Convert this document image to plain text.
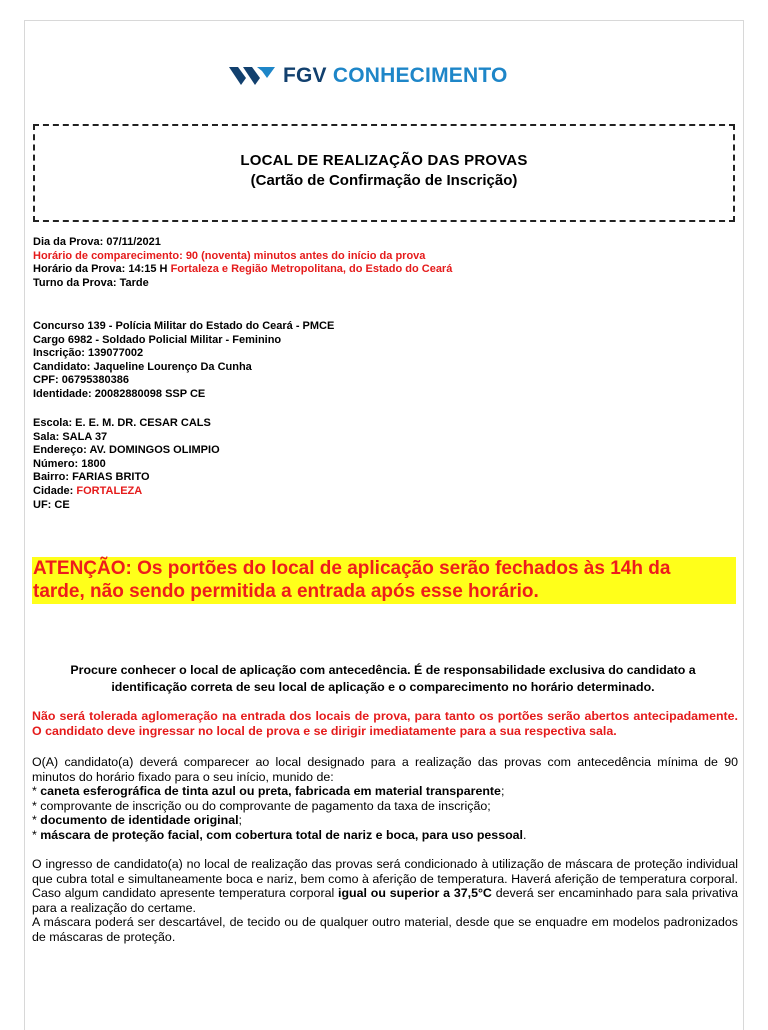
FGV CONHECIMENTO
LOCAL DE REALIZAÇÃO DAS PROVAS
(Cartão de Confirmação de Inscrição)
Dia da Prova: 07/11/2021
Horário de comparecimento: 90 (noventa) minutos antes do início da prova
Horário da Prova: 14:15 H Fortaleza e Região Metropolitana, do Estado do Ceará
Turno da Prova: Tarde
Concurso 139 - Polícia Militar do Estado do Ceará - PMCE
Cargo 6982 - Soldado Policial Militar - Feminino
Inscrição: 139077002
Candidato: Jaqueline Lourenço Da Cunha
CPF: 06795380386
Identidade: 20082880098 SSP CE
Escola: E. E. M. DR. CESAR CALS
Sala: SALA 37
Endereço: AV. DOMINGOS OLIMPIO
Número: 1800
Bairro: FARIAS BRITO
Cidade: FORTALEZA
UF: CE
ATENÇÃO: Os portões do local de aplicação serão fechados às 14h da
tarde, não sendo permitida a entrada após esse horário.
Procure conhecer o local de aplicação com antecedência. É de responsabilidade exclusiva do candidato a
identificação correta de seu local de aplicação e o comparecimento no horário determinado.
Não será tolerada aglomeração na entrada dos locais de prova, para tanto os portões serão abertos antecipadamente. O candidato deve ingressar no local de prova e se dirigir imediatamente para a sua respectiva sala.
O(A) candidato(a) deverá comparecer ao local designado para a realização das provas com antecedência mínima de 90 minutos do horário fixado para o seu início, munido de:
* caneta esferográfica de tinta azul ou preta, fabricada em material transparente;
* comprovante de inscrição ou do comprovante de pagamento da taxa de inscrição;
* documento de identidade original;
* máscara de proteção facial, com cobertura total de nariz e boca, para uso pessoal.
O ingresso de candidato(a) no local de realização das provas será condicionado à utilização de máscara de proteção individual que cubra total e simultaneamente boca e nariz, bem como à aferição de temperatura. Haverá aferição de temperatura corporal. Caso algum candidato apresente temperatura corporal igual ou superior a 37,5°C deverá ser encaminhado para sala privativa para a realização do certame.
A máscara poderá ser descartável, de tecido ou de qualquer outro material, desde que se enquadre em modelos padronizados de máscaras de proteção.
